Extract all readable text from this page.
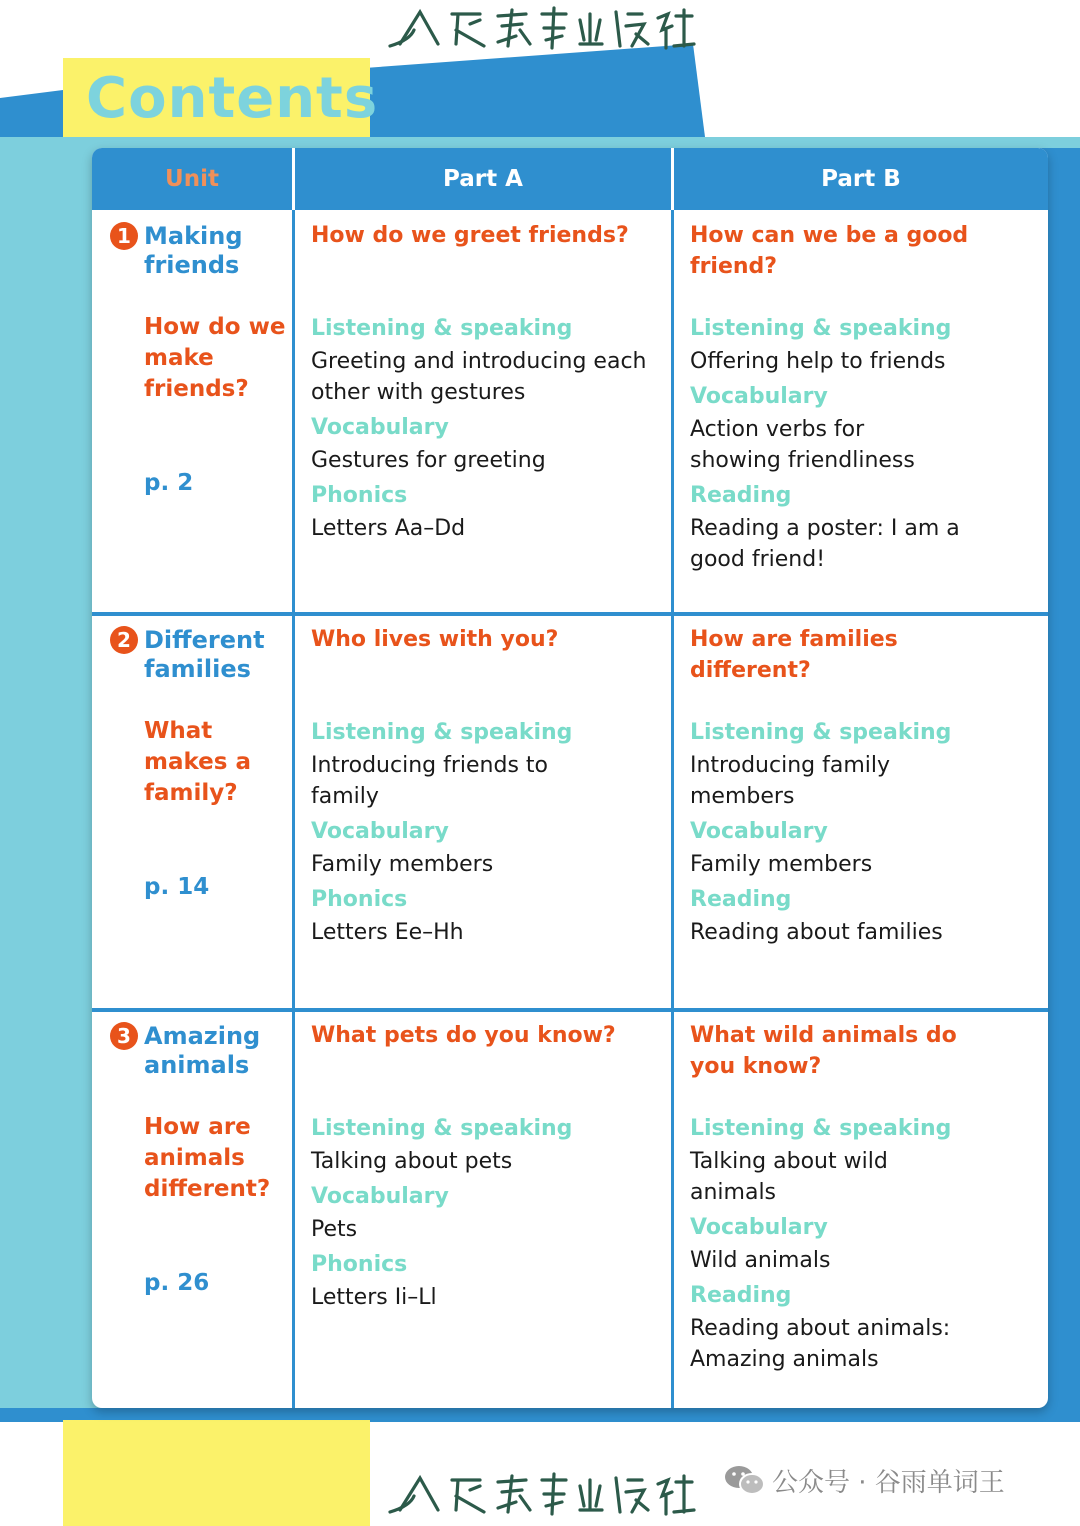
Contents
Unit	Part A	Part B

1 Making
friends

How do we make friends?

p. 2

How do we greet friends?

Listening & speaking
Greeting and introducing each other with gestures
Vocabulary
Gestures for greeting
Phonics
Letters Aa–Dd

How can we be a good friend?

Listening & speaking
Offering help to friends
Vocabulary
Action verbs for showing friendliness
Reading
Reading a poster: I am a good friend!

2 Different
families

What makes a family?

p. 14

Who lives with you?

Listening & speaking
Introducing friends to family
Vocabulary
Family members
Phonics
Letters Ee–Hh

How are families different?

Listening & speaking
Introducing family members
Vocabulary
Family members
Reading
Reading about families

3 Amazing
animals

How are animals different?

p. 26

What pets do you know?

Listening & speaking
Talking about pets
Vocabulary
Pets
Phonics
Letters Ii–Ll

What wild animals do you know?

Listening & speaking
Talking about wild animals
Vocabulary
Wild animals
Reading
Reading about animals: Amazing animals
公众号 · 谷雨单词王
